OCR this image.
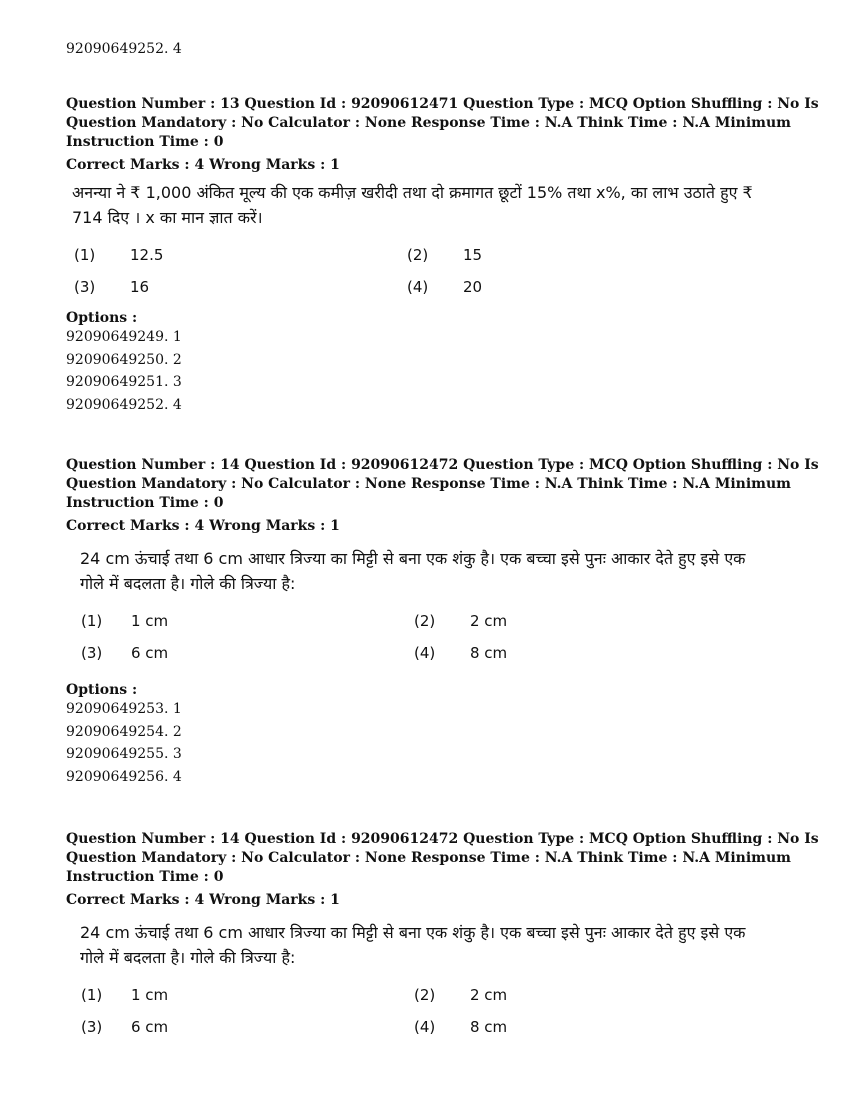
92090649252. 4
Question Number : 13 Question Id : 92090612471 Question Type : MCQ Option Shuffling : No Is
Question Mandatory : No Calculator : None Response Time : N.A Think Time : N.A Minimum
Instruction Time : 0
Correct Marks : 4 Wrong Marks : 1
अनन्या ने ₹ 1,000 अंकित मूल्य की एक कमीज़ खरीदी तथा दो क्रमागत छूटों 15% तथा x%, का लाभ उठाते हुए ₹ 714 दिए । x का मान ज्ञात करें।
(1)	12.5	(2)	15
(3)	16	(4)	20
Options :
92090649249. 1
92090649250. 2
92090649251. 3
92090649252. 4
Question Number : 14 Question Id : 92090612472 Question Type : MCQ Option Shuffling : No Is
Question Mandatory : No Calculator : None Response Time : N.A Think Time : N.A Minimum
Instruction Time : 0
Correct Marks : 4 Wrong Marks : 1
24 cm ऊंचाई तथा 6 cm आधार त्रिज्या का मिट्टी से बना एक शंकु है। एक बच्चा इसे पुनः आकार देते हुए इसे एक गोले में बदलता है। गोले की त्रिज्या है:
(1)	1 cm	(2)	2 cm
(3)	6 cm	(4)	8 cm
Options :
92090649253. 1
92090649254. 2
92090649255. 3
92090649256. 4
Question Number : 14 Question Id : 92090612472 Question Type : MCQ Option Shuffling : No Is
Question Mandatory : No Calculator : None Response Time : N.A Think Time : N.A Minimum
Instruction Time : 0
Correct Marks : 4 Wrong Marks : 1
24 cm ऊंचाई तथा 6 cm आधार त्रिज्या का मिट्टी से बना एक शंकु है। एक बच्चा इसे पुनः आकार देते हुए इसे एक गोले में बदलता है। गोले की त्रिज्या है:
(1)	1 cm	(2)	2 cm
(3)	6 cm	(4)	8 cm
